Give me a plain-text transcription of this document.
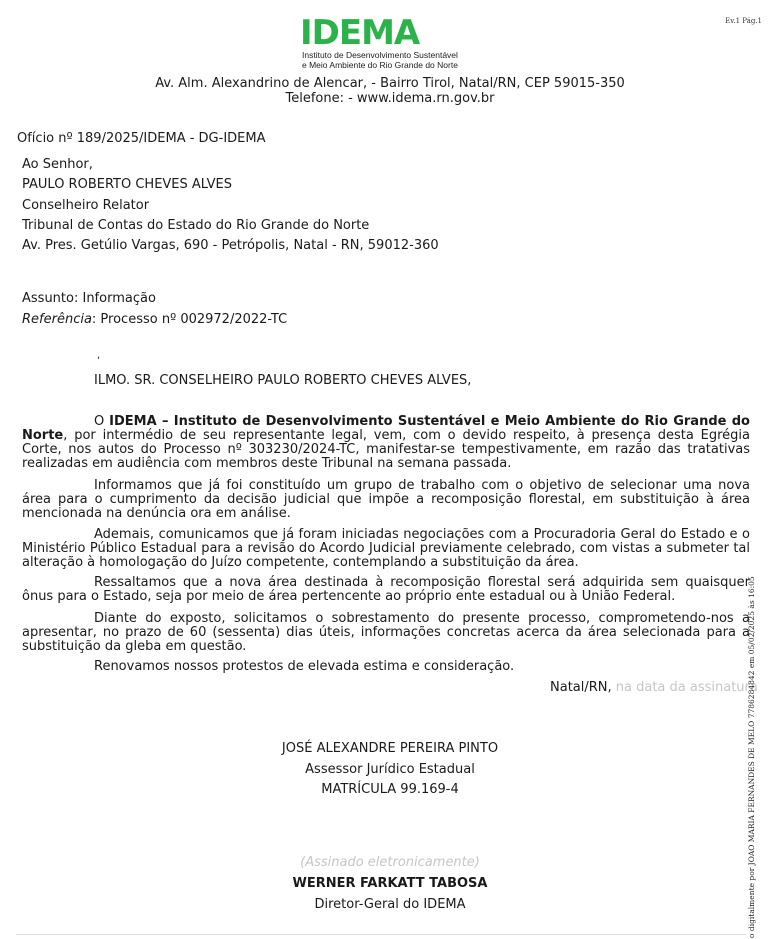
Ev.1 Pág.1
IDEMA
Instituto de Desenvolvimento Sustentável
e Meio Ambiente do Rio Grande do Norte
Av. Alm. Alexandrino de Alencar, - Bairro Tirol, Natal/RN, CEP 59015-350
Telefone: - www.idema.rn.gov.br
Ofício nº 189/2025/IDEMA - DG-IDEMA
Ao Senhor,
PAULO ROBERTO CHEVES ALVES
Conselheiro Relator
Tribunal de Contas do Estado do Rio Grande do Norte
Av. Pres. Getúlio Vargas, 690 - Petrópolis, Natal - RN, 59012-360
Assunto: Informação
Referência: Processo nº 002972/2022-TC
,
ILMO. SR. CONSELHEIRO PAULO ROBERTO CHEVES ALVES,

O IDEMA – Instituto de Desenvolvimento Sustentável e Meio Ambiente do Rio Grande do Norte, por intermédio de seu representante legal, vem, com o devido respeito, à presença desta Egrégia Corte, nos autos do Processo nº 303230/2024-TC, manifestar-se tempestivamente, em razão das tratativas realizadas em audiência com membros deste Tribunal na semana passada.

Informamos que já foi constituído um grupo de trabalho com o objetivo de selecionar uma nova área para o cumprimento da decisão judicial que impõe a recomposição florestal, em substituição à área mencionada na denúncia ora em análise.

Ademais, comunicamos que já foram iniciadas negociações com a Procuradoria Geral do Estado e o Ministério Público Estadual para a revisão do Acordo Judicial previamente celebrado, com vistas a submeter tal alteração à homologação do Juízo competente, contemplando a substituição da área.

Ressaltamos que a nova área destinada à recomposição florestal será adquirida sem quaisquer ônus para o Estado, seja por meio de área pertencente ao próprio ente estadual ou à União Federal.

Diante do exposto, solicitamos o sobrestamento do presente processo, comprometendo-nos a apresentar, no prazo de 60 (sessenta) dias úteis, informações concretas acerca da área selecionada para a substituição da gleba em questão.

Renovamos nossos protestos de elevada estima e consideração.

Natal/RN, na data da assinatura
JOSÉ ALEXANDRE PEREIRA PINTO
Assessor Jurídico Estadual
MATRÍCULA 99.169-4
(Assinado eletronicamente)
WERNER FARKATT TABOSA
Diretor-Geral do IDEMA	o digitalmente por JOAO MARIA FERNANDES DE MELO 7786284842 em 05/02/2025 às 16:05
